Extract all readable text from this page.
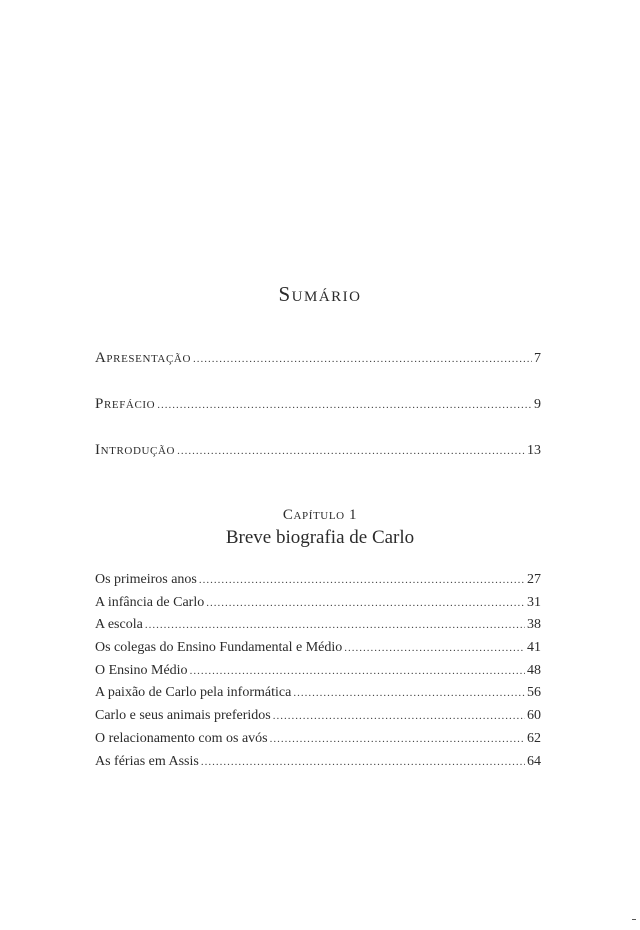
Sumário
Apresentação .....	7
Prefácio .....	9
Introdução .....	13
Capítulo 1
Breve biografia de Carlo
Os primeiros anos .....	27
A infância de Carlo .....	31
A escola .....	38
Os colegas do Ensino Fundamental e Médio .....	41
O Ensino Médio .....	48
A paixão de Carlo pela informática .....	56
Carlo e seus animais preferidos .....	60
O relacionamento com os avós .....	62
As férias em Assis .....	64
